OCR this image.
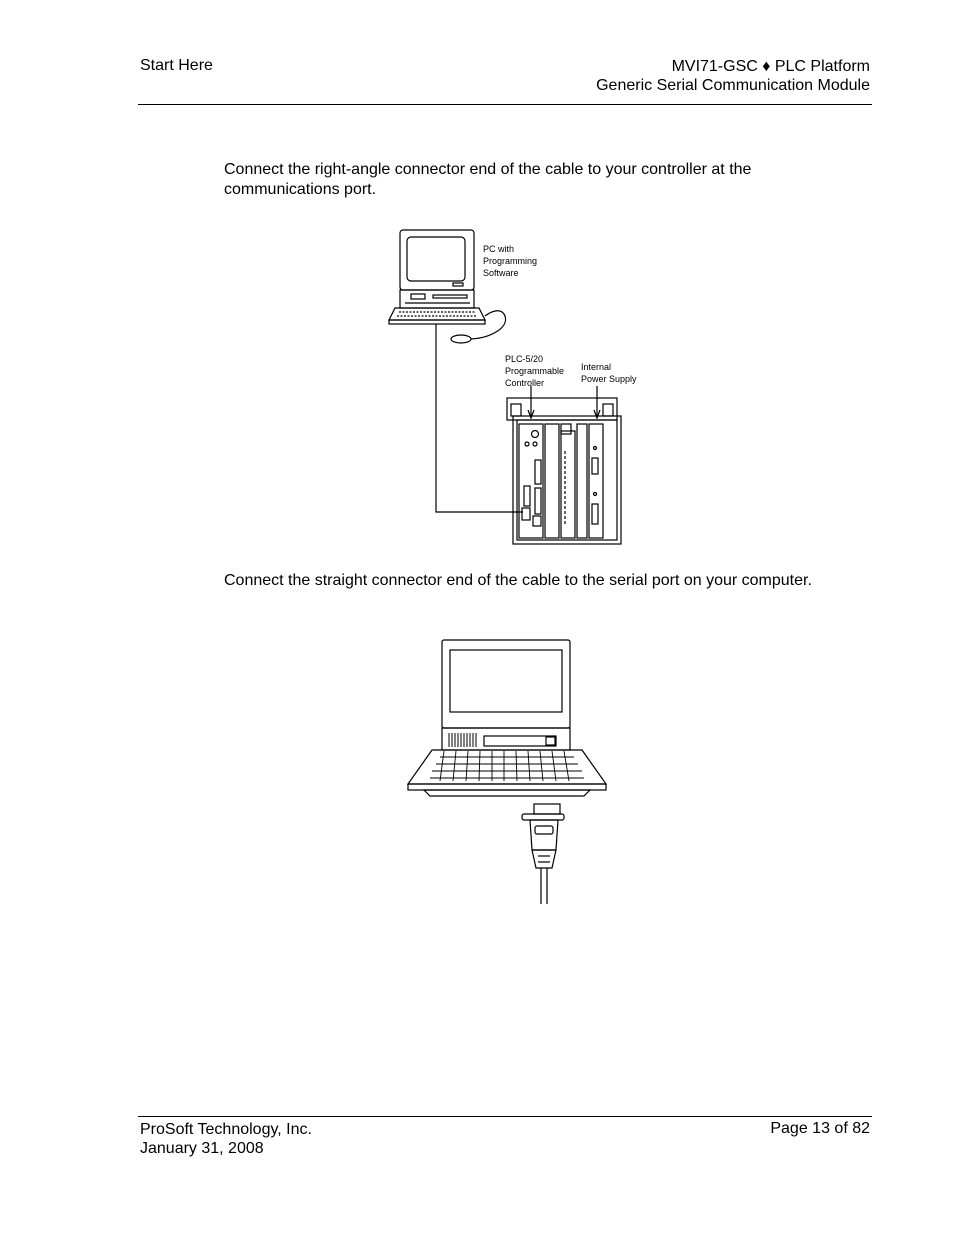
Start Here	MVI71-GSC ♦ PLC Platform
Generic Serial Communication Module
Connect the right-angle connector end of the cable to your controller at the communications port.
PC with
Programming
Software
PLC-5/20
Programmable
Controller
Internal
Power Supply
Connect the straight connector end of the cable to the serial port on your computer.
ProSoft Technology, Inc.
January 31, 2008
Page 13 of 82
